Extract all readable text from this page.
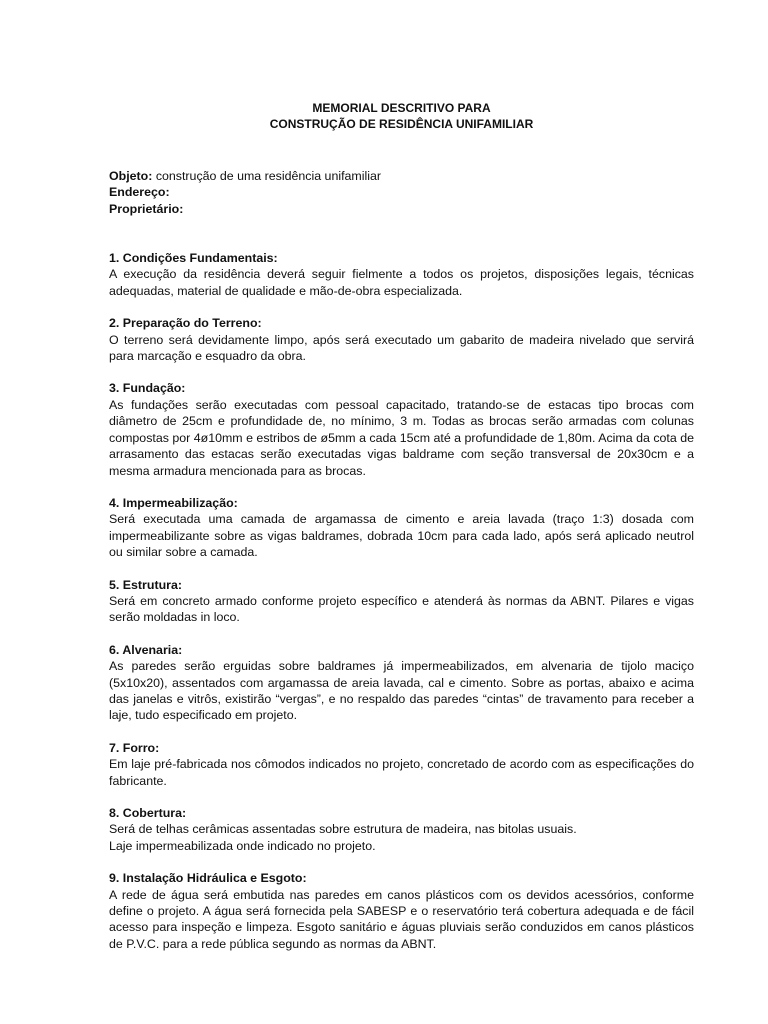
MEMORIAL DESCRITIVO PARA
CONSTRUÇÃO DE RESIDÊNCIA UNIFAMILIAR
Objeto: construção de uma residência unifamiliar
Endereço:
Proprietário:
1. Condições Fundamentais:
A execução da residência deverá seguir fielmente a todos os projetos, disposições legais, técnicas adequadas, material de qualidade e mão-de-obra especializada.
2. Preparação do Terreno:
O terreno será devidamente limpo, após será executado um gabarito de madeira nivelado que servirá para marcação e esquadro da obra.
3. Fundação:
As fundações serão executadas com pessoal capacitado, tratando-se de estacas tipo brocas com diâmetro de 25cm e profundidade de, no mínimo, 3 m. Todas as brocas serão armadas com colunas compostas por 4ø10mm e estribos de ø5mm a cada 15cm até a profundidade de 1,80m. Acima da cota de arrasamento das estacas serão executadas vigas baldrame com seção transversal de 20x30cm e a mesma armadura mencionada para as brocas.
4. Impermeabilização:
Será executada uma camada de argamassa de cimento e areia lavada (traço 1:3) dosada com impermeabilizante sobre as vigas baldrames, dobrada 10cm para cada lado, após será aplicado neutrol ou similar sobre a camada.
5. Estrutura:
Será em concreto armado conforme projeto específico e atenderá às normas da ABNT. Pilares e vigas serão moldadas in loco.
6. Alvenaria:
As paredes serão erguidas sobre baldrames já impermeabilizados, em alvenaria de tijolo maciço (5x10x20), assentados com argamassa de areia lavada, cal e cimento. Sobre as portas, abaixo e acima das janelas e vitrôs, existirão “vergas”, e no respaldo das paredes “cintas” de travamento para receber a laje, tudo especificado em projeto.
7. Forro:
Em laje pré-fabricada nos cômodos indicados no projeto, concretado de acordo com as especificações do fabricante.
8. Cobertura:
Será de telhas cerâmicas assentadas sobre estrutura de madeira, nas bitolas usuais.
Laje impermeabilizada onde indicado no projeto.
9. Instalação Hidráulica e Esgoto:
A rede de água será embutida nas paredes em canos plásticos com os devidos acessórios, conforme define o projeto. A água será fornecida pela SABESP e o reservatório terá cobertura adequada e de fácil acesso para inspeção e limpeza. Esgoto sanitário e águas pluviais serão conduzidos em canos plásticos de P.V.C. para a rede pública segundo as normas da ABNT.
